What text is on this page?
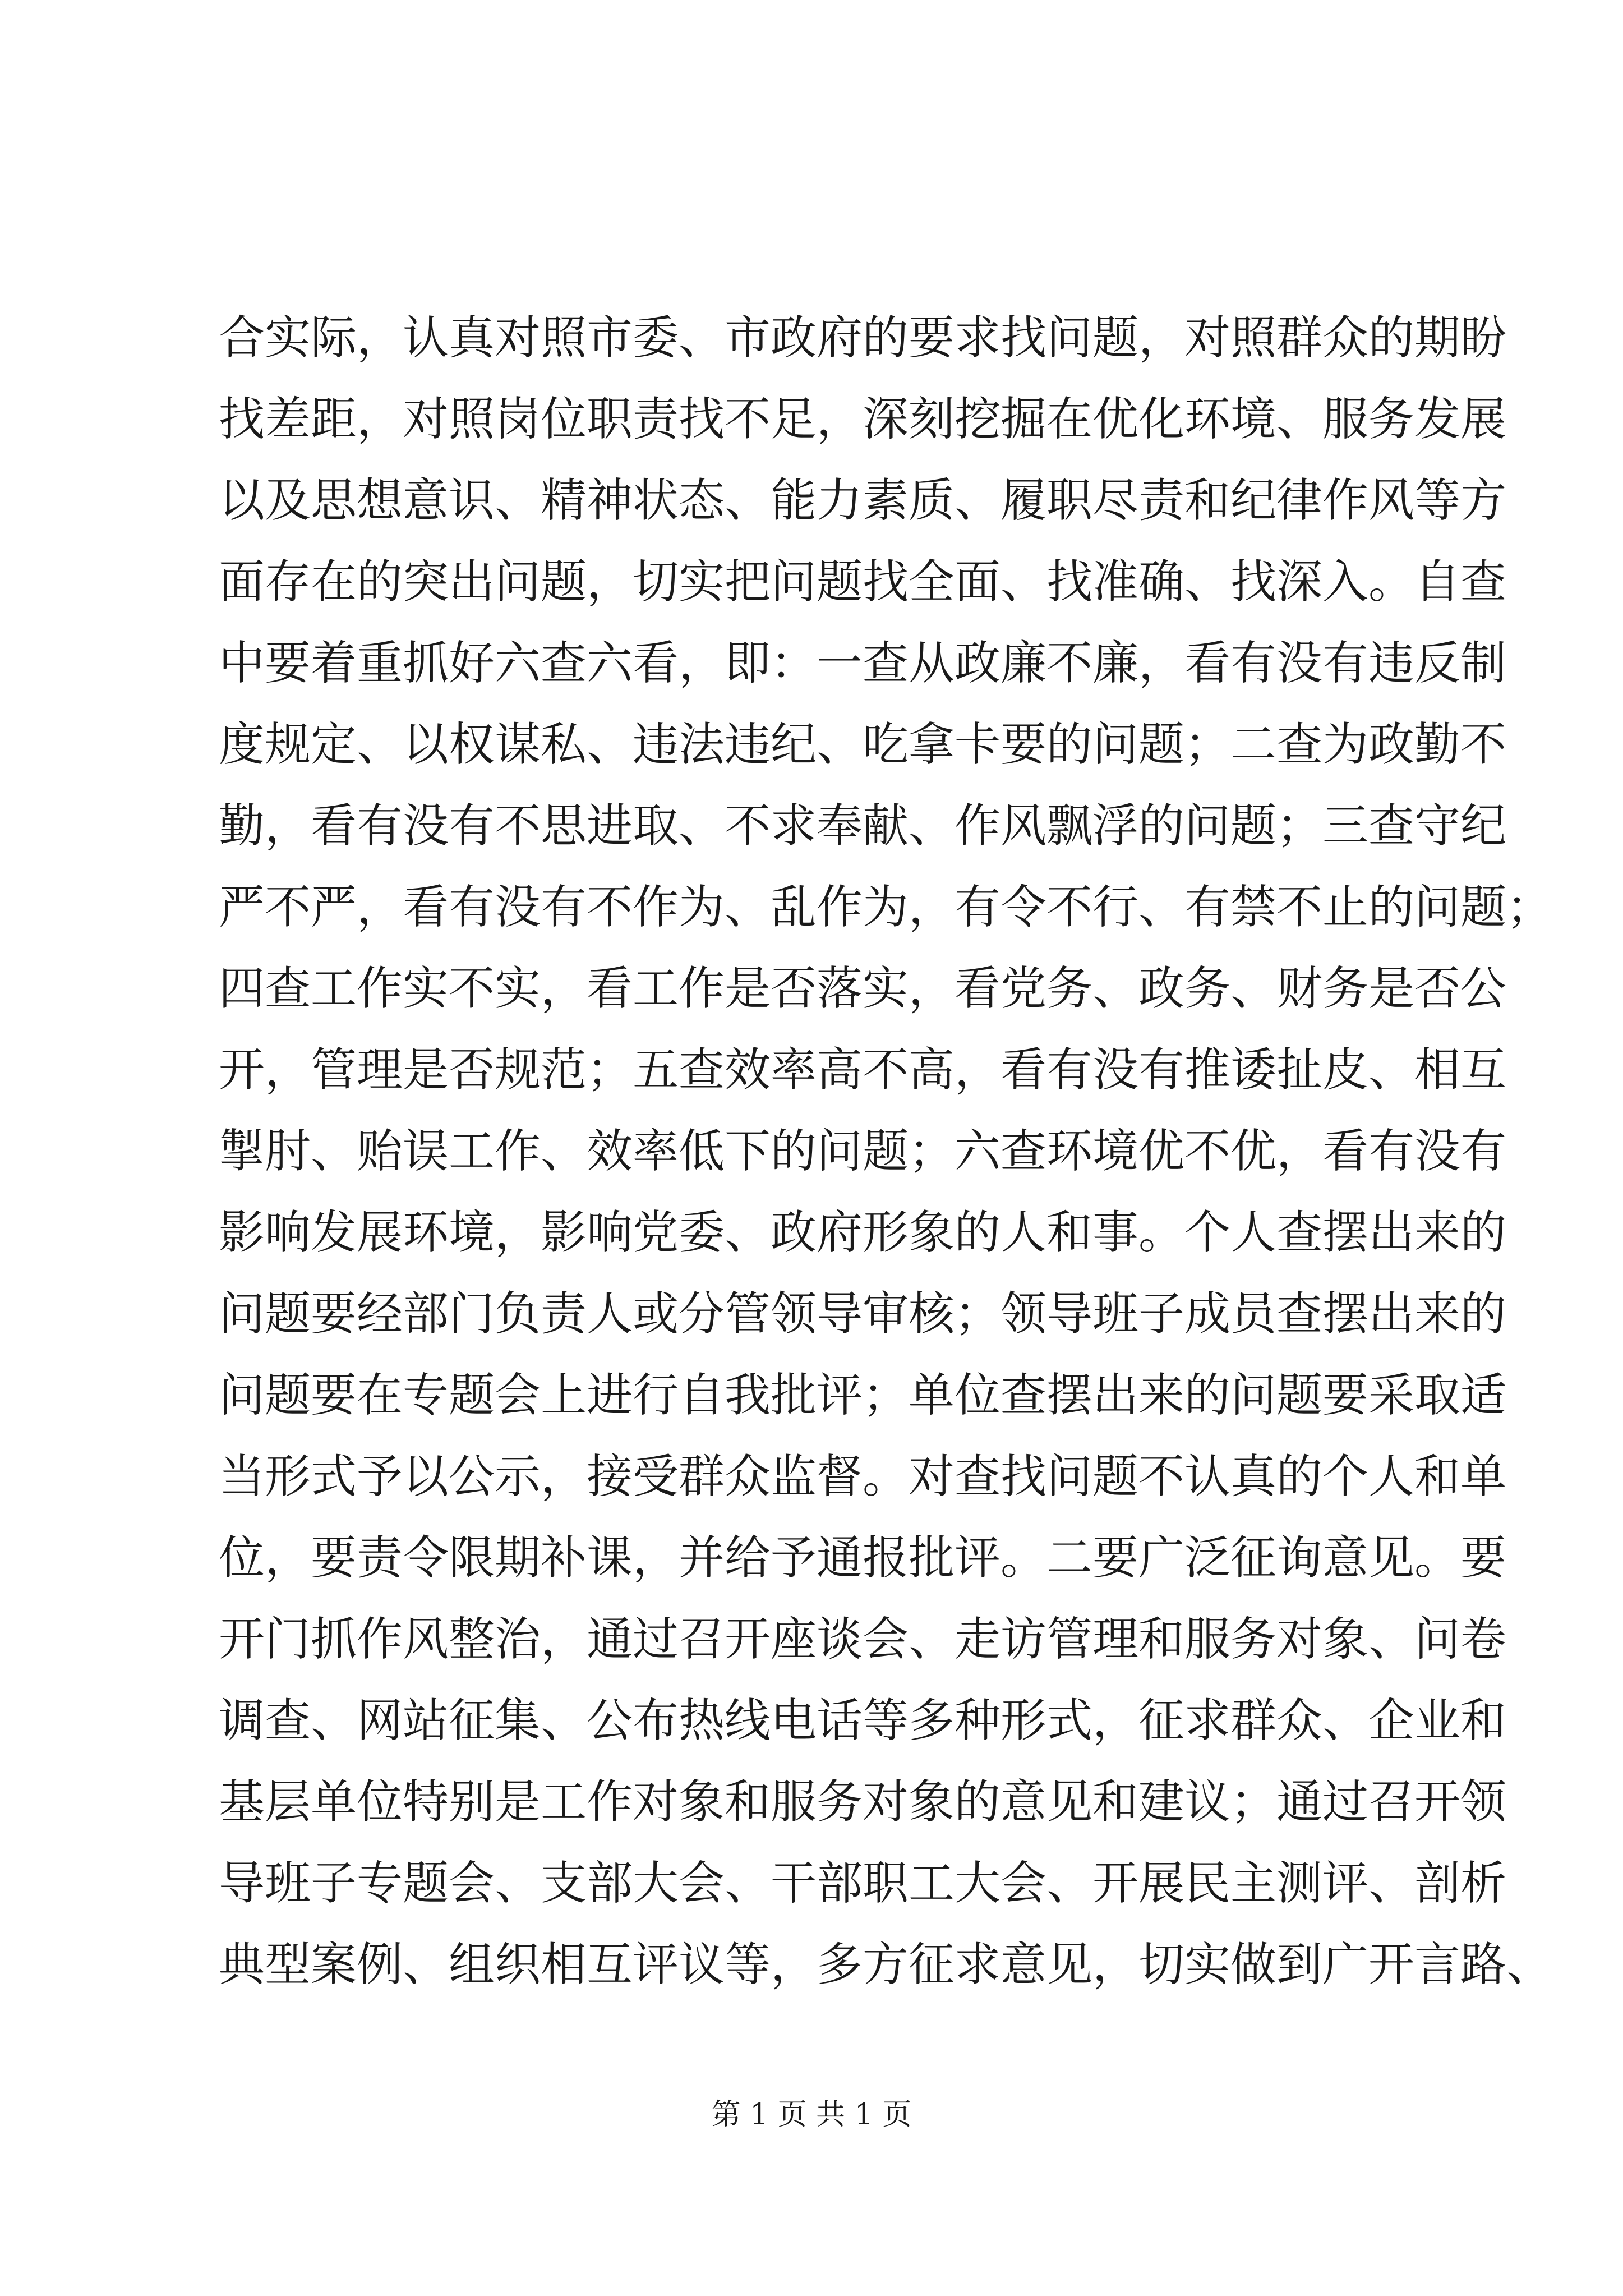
合实际，认真对照市委、市政府的要求找问题，对照群众的期盼
找差距，对照岗位职责找不足，深刻挖掘在优化环境、服务发展
以及思想意识、精神状态、能力素质、履职尽责和纪律作风等方
面存在的突出问题，切实把问题找全面、找准确、找深入。自查
中要着重抓好六查六看，即：一查从政廉不廉，看有没有违反制
度规定、以权谋私、违法违纪、吃拿卡要的问题；二查为政勤不
勤，看有没有不思进取、不求奉献、作风飘浮的问题；三查守纪
严不严，看有没有不作为、乱作为，有令不行、有禁不止的问题；
四查工作实不实，看工作是否落实，看党务、政务、财务是否公
开，管理是否规范；五查效率高不高，看有没有推诿扯皮、相互
掣肘、贻误工作、效率低下的问题；六查环境优不优，看有没有
影响发展环境，影响党委、政府形象的人和事。个人查摆出来的
问题要经部门负责人或分管领导审核；领导班子成员查摆出来的
问题要在专题会上进行自我批评；单位查摆出来的问题要采取适
当形式予以公示，接受群众监督。对查找问题不认真的个人和单
位，要责令限期补课，并给予通报批评。二要广泛征询意见。要
开门抓作风整治，通过召开座谈会、走访管理和服务对象、问卷
调查、网站征集、公布热线电话等多种形式，征求群众、企业和
基层单位特别是工作对象和服务对象的意见和建议；通过召开领
导班子专题会、支部大会、干部职工大会、开展民主测评、剖析
典型案例、组织相互评议等，多方征求意见，切实做到广开言路、
第 1 页 共 1 页
